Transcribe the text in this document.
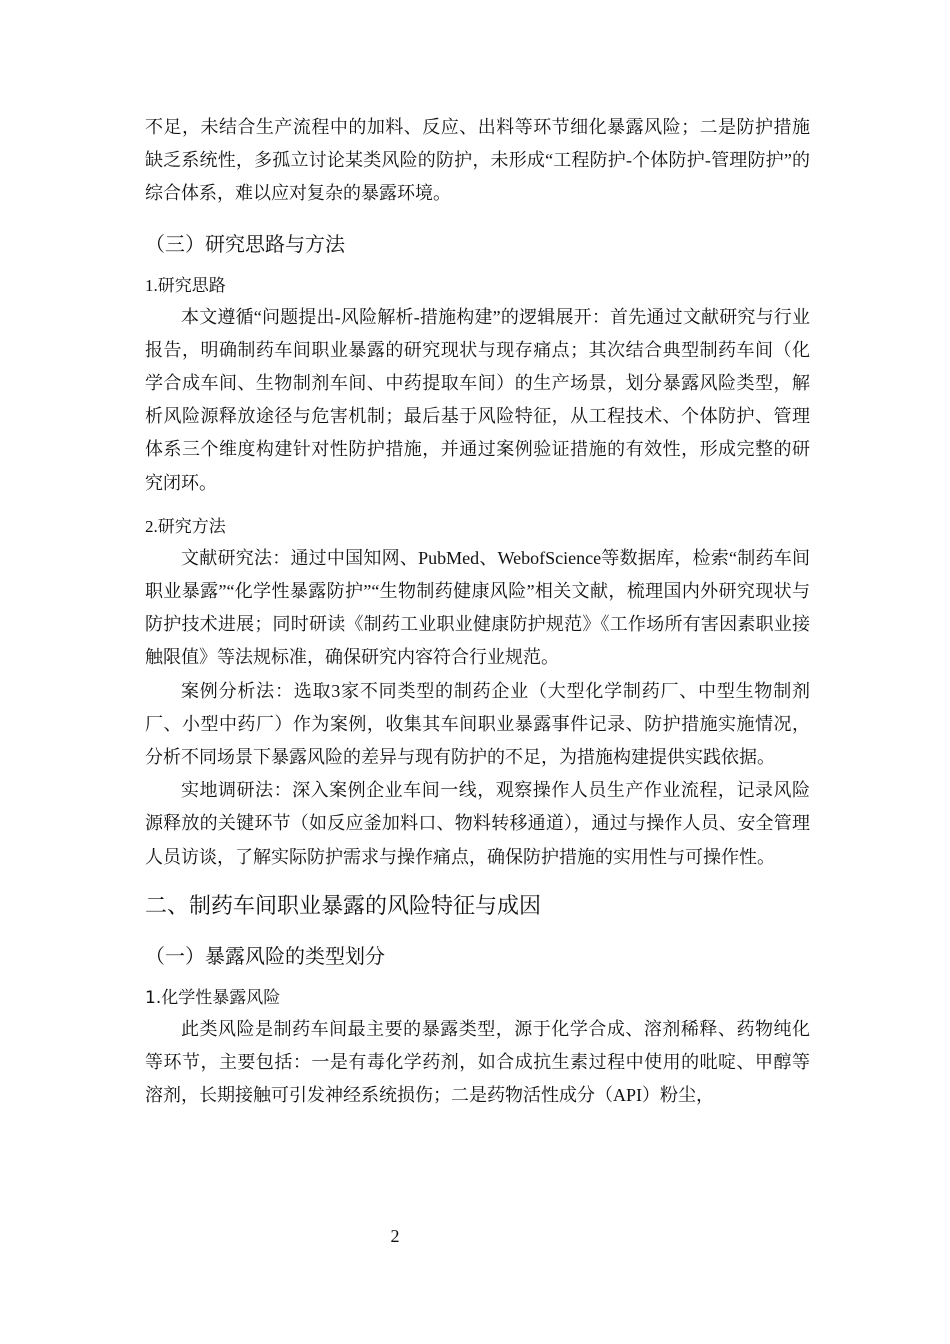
不足，未结合生产流程中的加料、反应、出料等环节细化暴露风险；二是防护措施缺乏系统性，多孤立讨论某类风险的防护，未形成“工程防护-个体防护-管理防护”的综合体系，难以应对复杂的暴露环境。

（三）研究思路与方法
1.研究思路

本文遵循“问题提出-风险解析-措施构建”的逻辑展开：首先通过文献研究与行业报告，明确制药车间职业暴露的研究现状与现存痛点；其次结合典型制药车间（化学合成车间、生物制剂车间、中药提取车间）的生产场景，划分暴露风险类型，解析风险源释放途径与危害机制；最后基于风险特征，从工程技术、个体防护、管理体系三个维度构建针对性防护措施，并通过案例验证措施的有效性，形成完整的研究闭环。

2.研究方法

文献研究法：通过中国知网、PubMed、WebofScience等数据库，检索“制药车间职业暴露”“化学性暴露防护”“生物制药健康风险”相关文献，梳理国内外研究现状与防护技术进展；同时研读《制药工业职业健康防护规范》《工作场所有害因素职业接触限值》等法规标准，确保研究内容符合行业规范。

案例分析法：选取3家不同类型的制药企业（大型化学制药厂、中型生物制剂厂、小型中药厂）作为案例，收集其车间职业暴露事件记录、防护措施实施情况，分析不同场景下暴露风险的差异与现有防护的不足，为措施构建提供实践依据。

实地调研法：深入案例企业车间一线，观察操作人员生产作业流程，记录风险源释放的关键环节（如反应釜加料口、物料转移通道），通过与操作人员、安全管理人员访谈，了解实际防护需求与操作痛点，确保防护措施的实用性与可操作性。

二、制药车间职业暴露的风险特征与成因
（一）暴露风险的类型划分
1.化学性暴露风险

此类风险是制药车间最主要的暴露类型，源于化学合成、溶剂稀释、药物纯化等环节，主要包括：一是有毒化学药剂，如合成抗生素过程中使用的吡啶、甲醇等溶剂，长期接触可引发神经系统损伤；二是药物活性成分（API）粉尘，

2
